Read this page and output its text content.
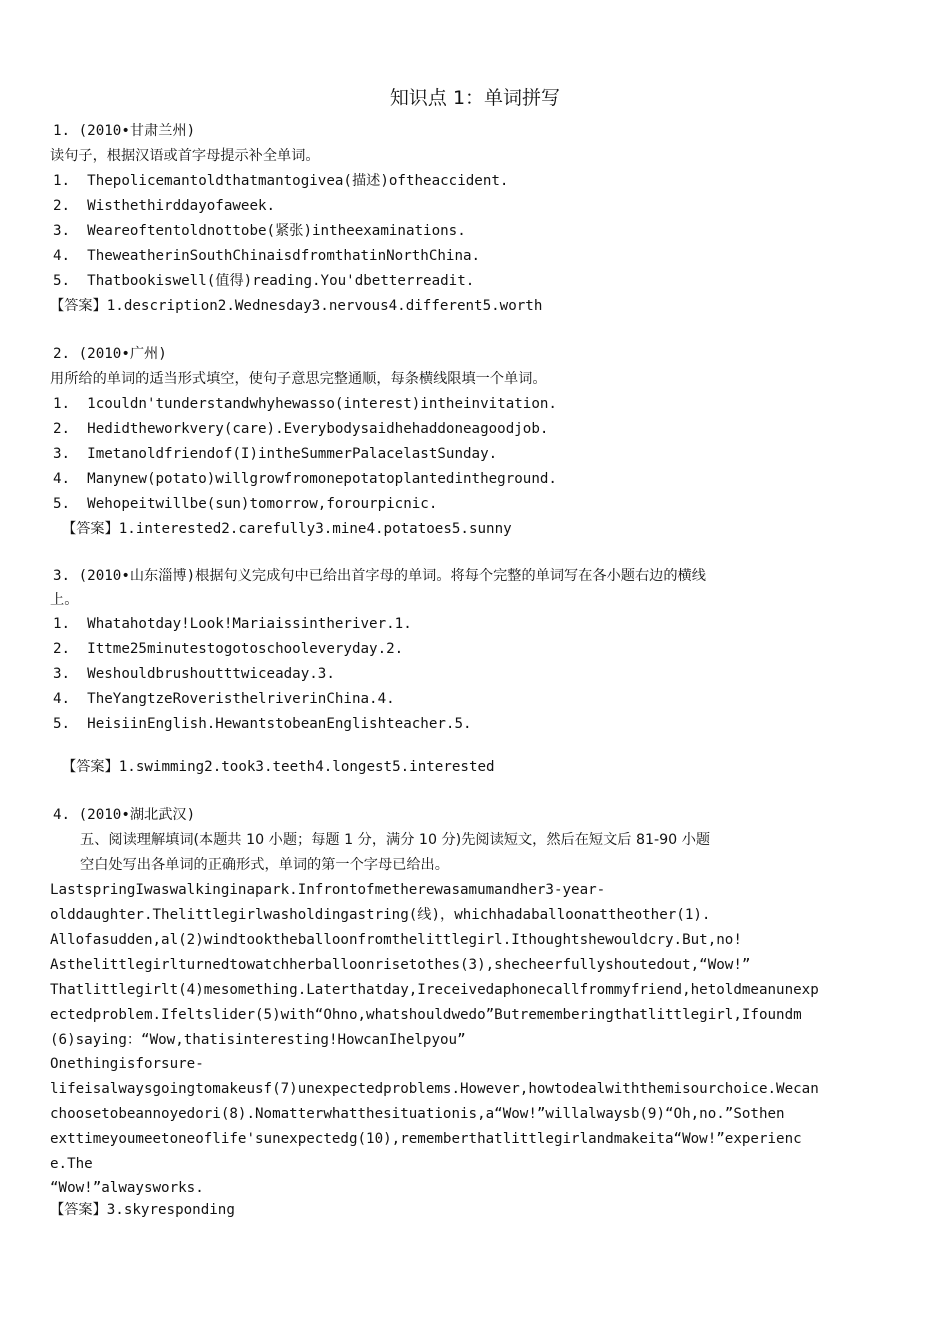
知识点 1：单词拼写
1. (2010•甘肃兰州)
读句子，根据汉语或首字母提示补全单词。
1.  Thepolicemantoldthatmantogivea(描述)oftheaccident.
2.  Wisthethirddayofaweek.
3.  Weareoftentoldnottobe(紧张)intheexaminations.
4.  TheweatherinSouthChinaisdfromthatinNorthChina.
5.  Thatbookiswell(值得)reading.You'dbetterreadit.
【答案】1.description2.Wednesday3.nervous4.different5.worth
2. (2010•广州)
用所给的单词的适当形式填空，使句子意思完整通顺，每条横线限填一个单词。
1.  1couldn'tunderstandwhyhewasso(interest)intheinvitation.
2.  Hedidtheworkvery(care).Everybodysaidhehaddoneagoodjob.
3.  Imetanoldfriendof(I)intheSummerPalacelastSunday.
4.  Manynew(potato)willgrowfromonepotatoplantedintheground.
5.  Wehopeitwillbe(sun)tomorrow,forourpicnic.
【答案】1.interested2.carefully3.mine4.potatoes5.sunny
3. (2010•山东淄博)根据句义完成句中已给出首字母的单词。将每个完整的单词写在各小题右边的横线
上。
1.  Whatahotday!Look!Mariaissintheriver.1.
2.  Ittme25minutestogotoschooleveryday.2.
3.  Weshouldbrushoutttwiceaday.3.
4.  TheYangtzeRoveristhelriverinChina.4.
5.  HeisiinEnglish.HewantstobeanEnglishteacher.5.
【答案】1.swimming2.took3.teeth4.longest5.interested
4. (2010•湖北武汉)
五、阅读理解填词(本题共 10 小题；每题 1 分，满分 10 分)先阅读短文，然后在短文后 81-90 小题
空白处写出各单词的正确形式，单词的第一个字母已给出。
LastspringIwaswalkinginapark.Infrontofmetherewasamumandher3-year-
olddaughter.Thelittlegirlwasholdingastring(线)，whichhadaballoonattheother(1).
Allofasudden,al(2)windtooktheballoonfromthelittlegirl.Ithoughtshewouldcry.But,no!
Asthelittlegirlturnedtowatchherballoonrisetothes(3),shecheerfullyshoutedout,“Wow!”
Thatlittlegirlt(4)mesomething.Laterthatday,Ireceivedaphonecallfrommyfriend,hetoldmeanunexp
ectedproblem.Ifeltslider(5)with“Ohno,whatshouldwedo”Butrememberingthatlittlegirl,Ifoundm
(6)saying：“Wow,thatisinteresting!HowcanIhelpyou”
Onethingisforsure-
lifeisalwaysgoingtomakeusf(7)unexpectedproblems.However,howtodealwiththemisourchoice.Wecan
choosetobeannoyedori(8).Nomatterwhatthesituationis,a“Wow!”willalwaysb(9)“Oh,no.”Sothen
exttimeyoumeetoneoflife'sunexpectedg(10),rememberthatlittlegirlandmakeita“Wow!”experienc
e.The
“Wow!”alwaysworks.
【答案】3.skyresponding
